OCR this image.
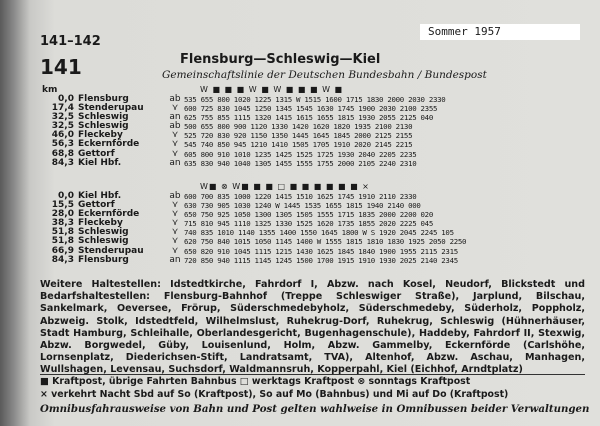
Sommer 1957
141–142
141	Flensburg—Schleswig—Kiel
Gemeinschaftslinie der Deutschen Bundesbahn / Bundespost
km	W ■ ■ ■ W ■ W ■ ■ ■ W ■
0,0 Flensburg	ab 535 655 800 1020 1225 1315 W 1515 1600 1715 1830 2000 2030 2330
17,4 Stenderupau	⋎ 600 725 830 1045 1250 1345 1545 1630 1745 1900 2030 2100 2355
32,5 Schleswig	an 625 755 855 1115 1320 1415 1615 1655 1815 1930 2055 2125 040
32,5 Schleswig	ab 500 655 800 900 1120 1330 1420 1620 1820 1935 2100 2130
46,0 Fleckeby	⋎ 525 720 830 920 1150 1350 1445 1645 1845 2000 2125 2155
56,3 Eckernförde	⋎ 545 740 850 945 1210 1410 1505 1705 1910 2020 2145 2215
68,8 Gettorf	⋎ 605 800 910 1010 1235 1425 1525 1725 1930 2040 2205 2235
84,3 Kiel Hbf.	an 635 830 940 1040 1305 1455 1555 1755 2000 2105 2240 2310
W■ ⊗ W■ ■ ■ □ ■ ■ ■ ■ ■ ■ ×
0,0 Kiel Hbf.	ab 600 700 835 1000 1220 1415 1510 1625 1745 1910 2110 2330
15,5 Gettorf	⋎ 630 730 905 1030 1240 W 1445 1535 1655 1815 1940 2140 000
28,0 Eckernförde	⋎ 650 750 925 1050 1300 1305 1505 1555 1715 1835 2000 2200 020
38,3 Fleckeby	⋎ 715 810 945 1110 1325 1330 1525 1620 1735 1855 2020 2225 045
51,8 Schleswig	⋎ 740 835 1010 1140 1355 1400 1550 1645 1800 W S 1920 2045 2245 105
51,8 Schleswig	⋎ 620 750 840 1015 1050 1145 1400 W 1555 1815 1810 1830 1925 2050 2250
66,9 Stenderupau	⋎ 650 820 910 1045 1115 1215 1430 1625 1845 1840 1900 1955 2115 2315
84,3 Flensburg	an 720 850 940 1115 1145 1245 1500 1700 1915 1910 1930 2025 2140 2345
Weitere Haltestellen: Idstedtkirche, Fahrdorf I, Abzw. nach Kosel, Neudorf, Blickstedt und Bedarfshaltestellen: Flensburg-Bahnhof (Treppe Schleswiger Straße), Jarplund, Bilschau, Sankelmark, Oeversee, Frörup, Süderschmedebyholz, Süderschmedeby, Süderholz, Poppholz, Abzweig. Stolk, Idstedtfeld, Wilhelmslust, Ruhekrug-Dorf, Ruhekrug, Schleswig (Hühnerhäuser, Stadt Hamburg, Schleihalle, Oberlandesgericht, Bugenhagenschule), Haddeby, Fahrdorf II, Stexwig, Abzw. Borgwedel, Güby, Louisenlund, Holm, Abzw. Gammelby, Eckernförde (Carlshöhe, Lornsenplatz, Diederichsen-Stift, Landratsamt, TVA), Altenhof, Abzw. Aschau, Manhagen, Wullshagen, Levensau, Suchsdorf, Waldmannsruh, Kopperpahl, Kiel (Eichhof, Arndtplatz)
■ Kraftpost, übrige Fahrten Bahnbus □ werktags Kraftpost ⊗ sonntags Kraftpost
× verkehrt Nacht Sbd auf So (Kraftpost), So auf Mo (Bahnbus) und Mi auf Do (Kraftpost)
Omnibusfahrausweise von Bahn und Post gelten wahlweise in Omnibussen beider Verwaltungen
